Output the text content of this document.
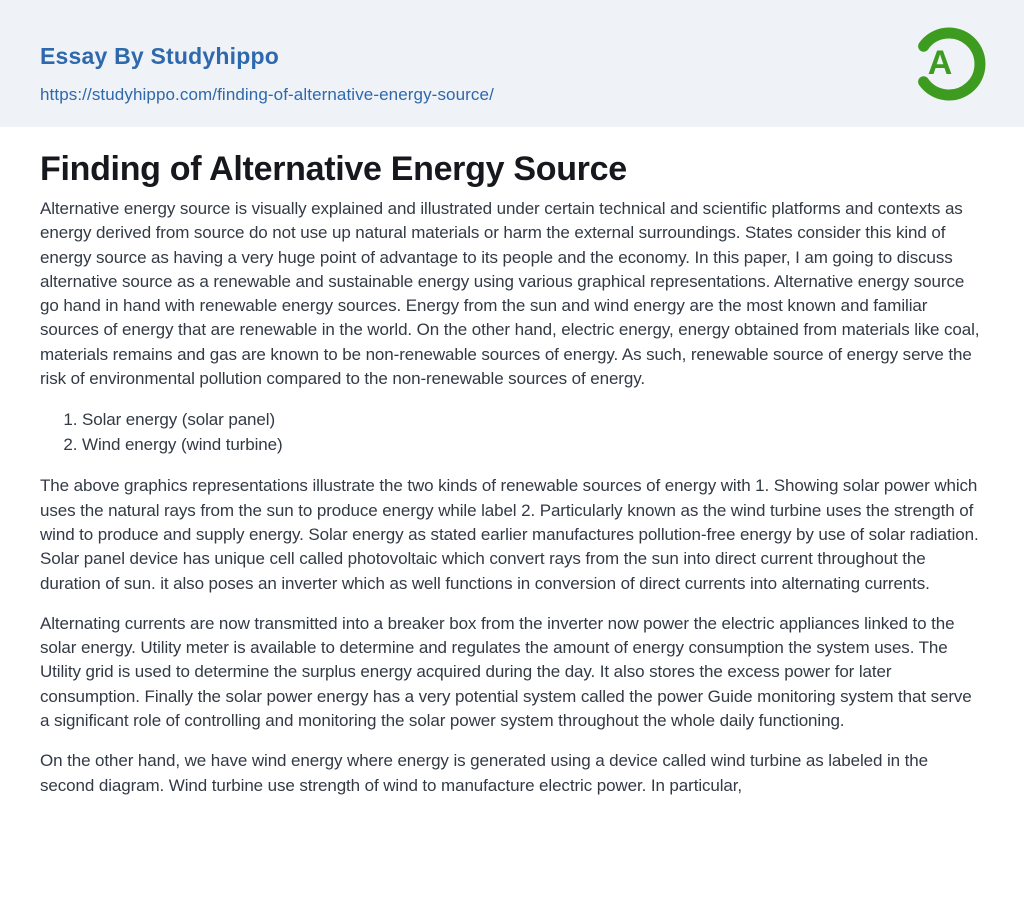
Essay By Studyhippo
https://studyhippo.com/finding-of-alternative-energy-source/
A
Finding of Alternative Energy Source

Alternative energy source is visually explained and illustrated under certain technical and scientific platforms and contexts as energy derived from source do not use up natural materials or harm the external surroundings. States consider this kind of energy source as having a very huge point of advantage to its people and the economy. In this paper, I am going to discuss alternative source as a renewable and sustainable energy using various graphical representations. Alternative energy source go hand in hand with renewable energy sources. Energy from the sun and wind energy are the most known and familiar sources of energy that are renewable in the world. On the other hand, electric energy, energy obtained from materials like coal, materials remains and gas are known to be non-renewable sources of energy. As such, renewable source of energy serve the risk of environmental pollution compared to the non-renewable sources of energy.

1. Solar energy (solar panel)
2. Wind energy (wind turbine)

The above graphics representations illustrate the two kinds of renewable sources of energy with 1. Showing solar power which uses the natural rays from the sun to produce energy while label 2. Particularly known as the wind turbine uses the strength of wind to produce and supply energy. Solar energy as stated earlier manufactures pollution-free energy by use of solar radiation. Solar panel device has unique cell called photovoltaic which convert rays from the sun into direct current throughout the duration of sun. it also poses an inverter which as well functions in conversion of direct currents into alternating currents.

Alternating currents are now transmitted into a breaker box from the inverter now power the electric appliances linked to the solar energy. Utility meter is available to determine and regulates the amount of energy consumption the system uses. The Utility grid is used to determine the surplus energy acquired during the day. It also stores the excess power for later consumption. Finally the solar power energy has a very potential system called the power Guide monitoring system that serve a significant role of controlling and monitoring the solar power system throughout the whole daily functioning.

On the other hand, we have wind energy where energy is generated using a device called wind turbine as labeled in the second diagram. Wind turbine use strength of wind to manufacture electric power. In particular,
